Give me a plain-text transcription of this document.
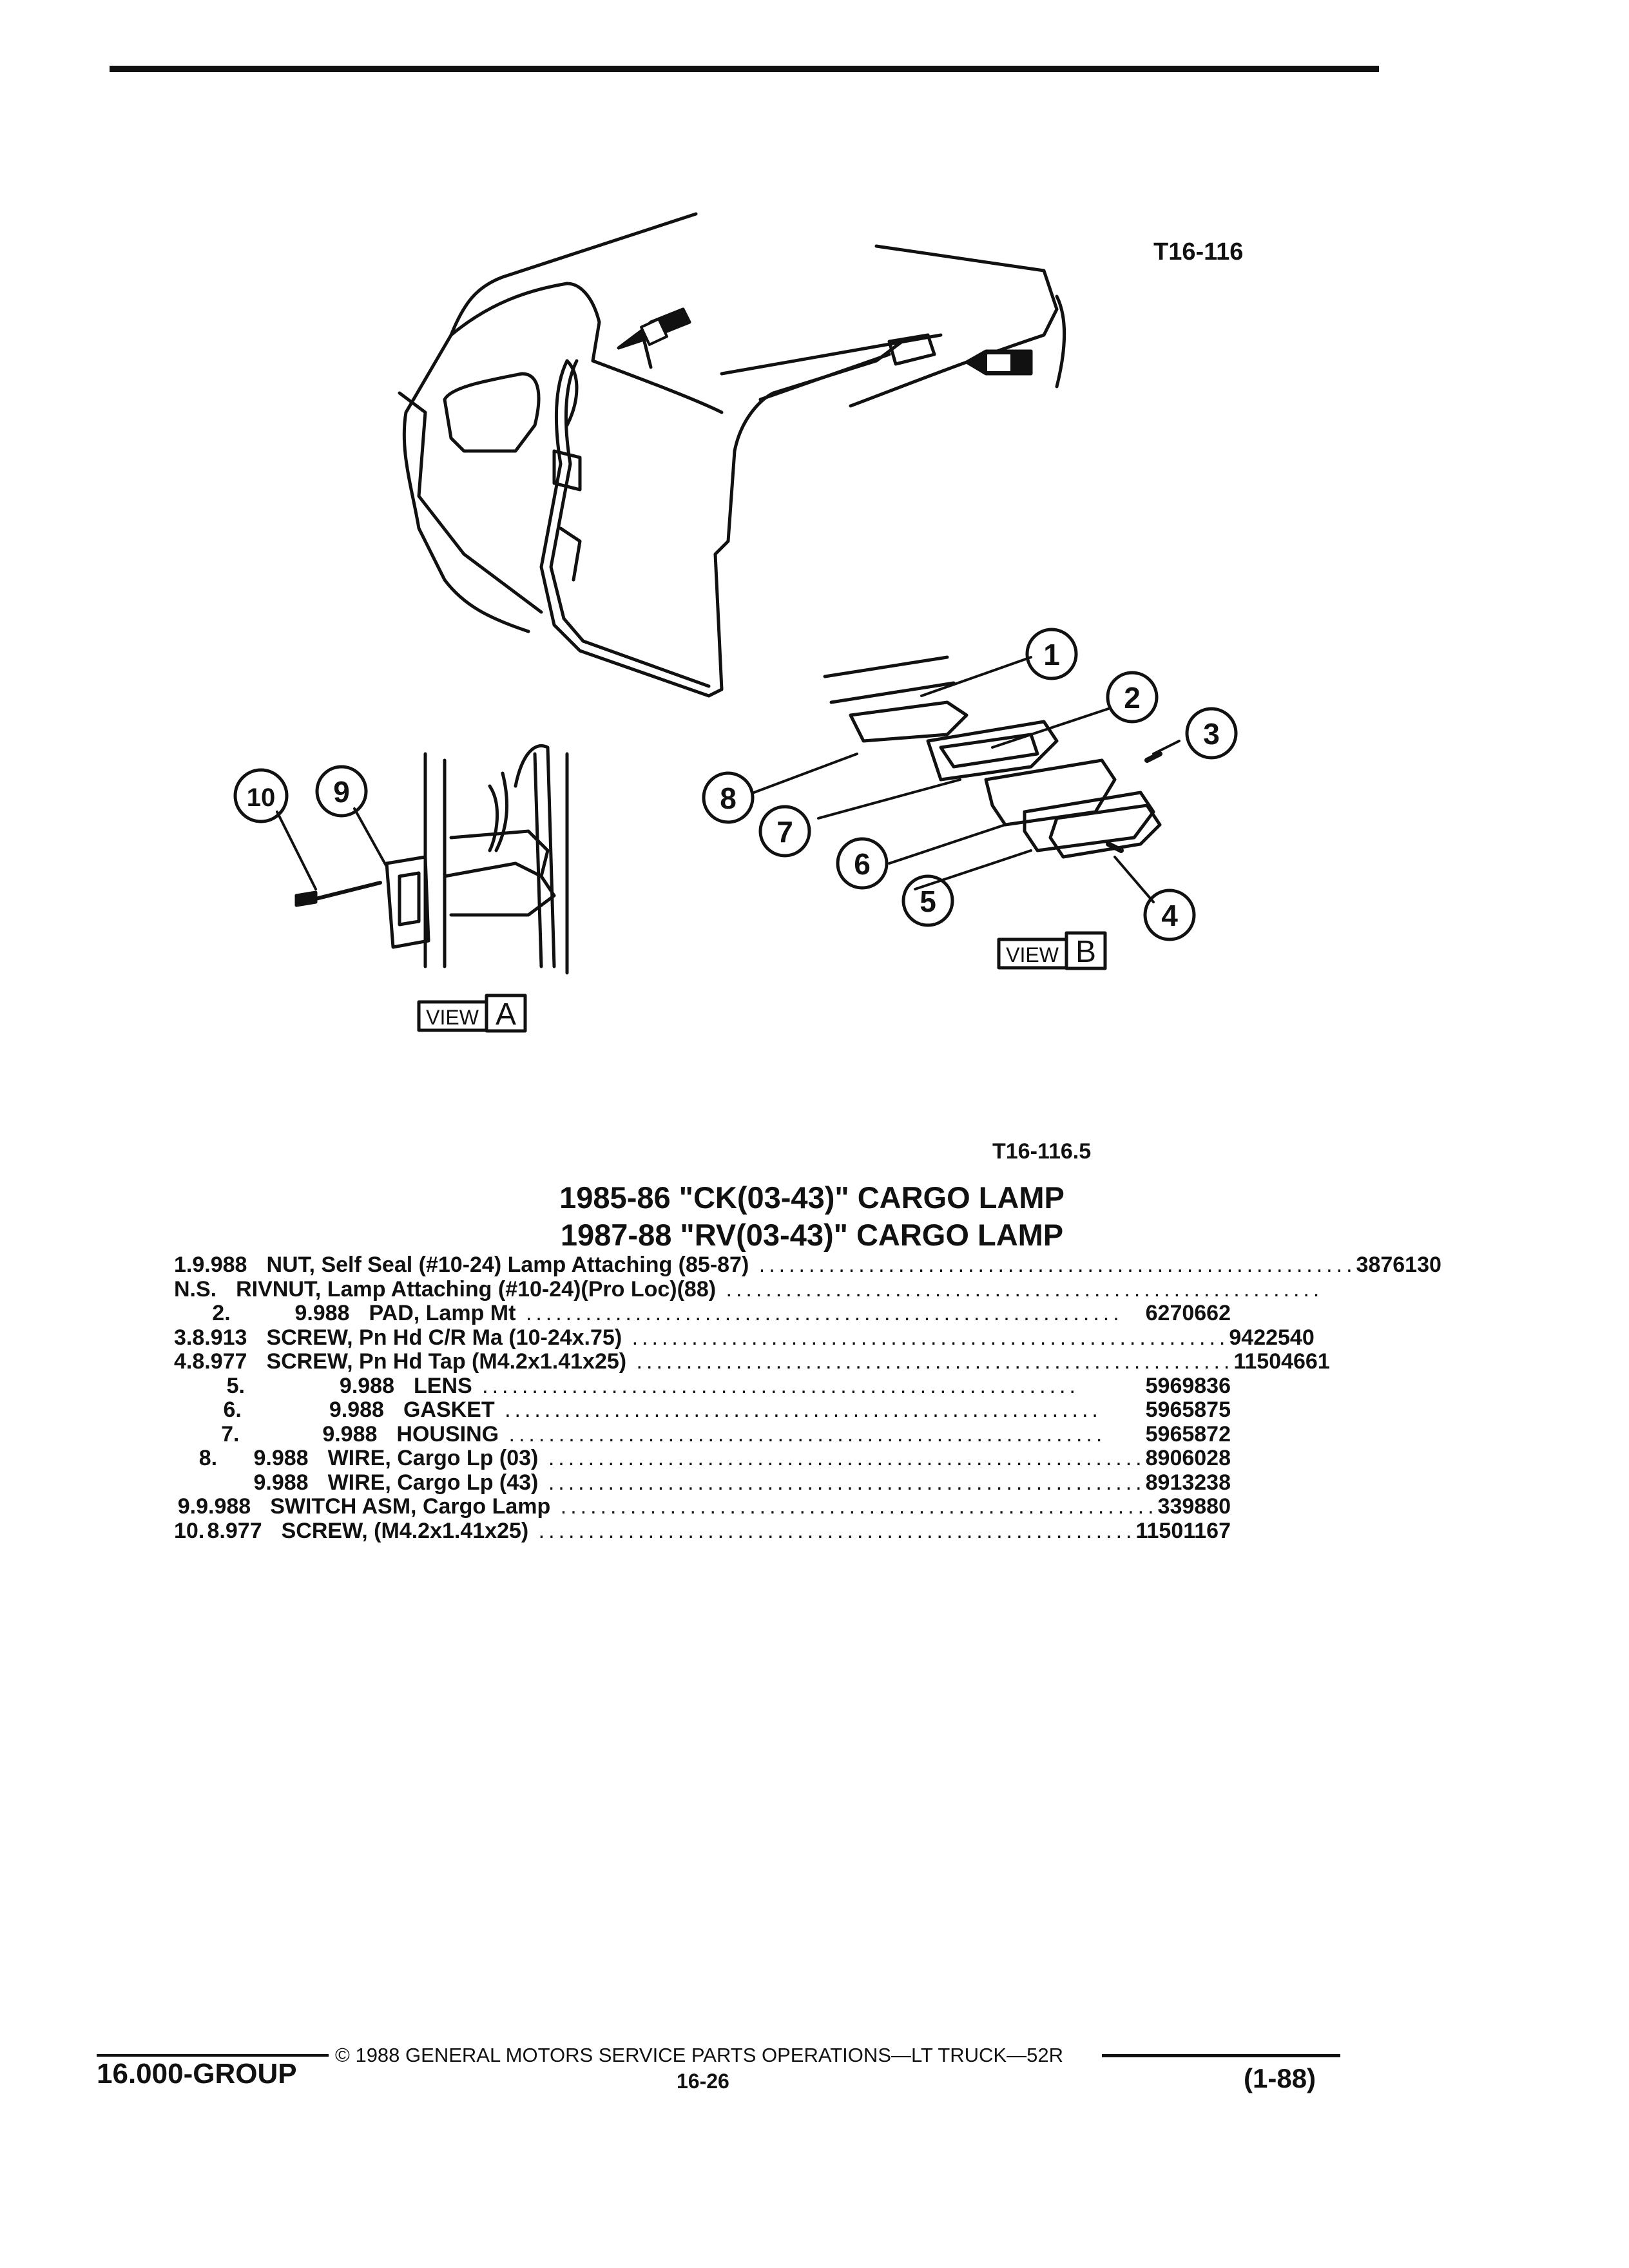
T16-116
1
2
3
4
5
6
7
8
9
10
VIEW A
VIEW B
T16-116.5
1985-86 "CK(03-43)" CARGO LAMP
1987-88 "RV(03-43)" CARGO LAMP
1. 9.988 NUT, Self Seal (#10-24) Lamp Attaching (85-87) ............................................................ 3876130
N.S. RIVNUT, Lamp Attaching (#10-24)(Pro Loc)(88) ............................................................
2.	9.988 PAD, Lamp Mt ............................................................	6270662
3. 8.913 SCREW, Pn Hd C/R Ma (10-24x.75) ............................................................ 9422540
4. 8.977 SCREW, Pn Hd Tap (M4.2x1.41x25) ............................................................ 11504661
5.	9.988 LENS ............................................................	5969836
6.	9.988 GASKET ............................................................	5965875
7.	9.988 HOUSING ............................................................	5965872
8.	9.988 WIRE, Cargo Lp (03) ............................................................ 8906028
9.988 WIRE, Cargo Lp (43) ............................................................ 8913238
9. 9.988 SWITCH ASM, Cargo Lamp ............................................................ 339880
10. 8.977 SCREW, (M4.2x1.41x25) ............................................................ 11501167
© 1988 GENERAL MOTORS SERVICE PARTS OPERATIONS—LT TRUCK—52R
16.000-GROUP	16-26	(1-88)
